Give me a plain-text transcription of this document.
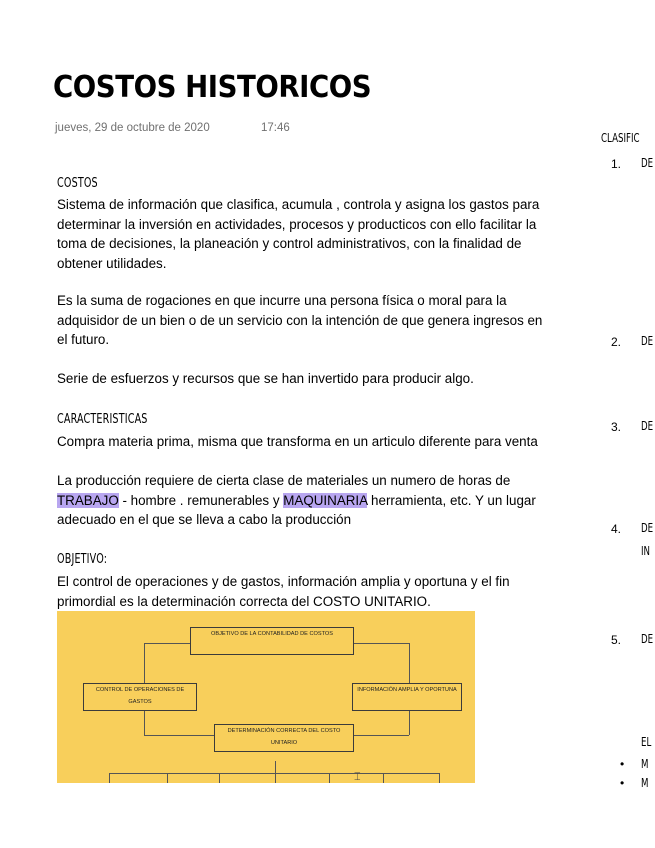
COSTOS HISTORICOS
jueves, 29 de octubre de 2020	17:46
COSTOS

Sistema de información que clasifica, acumula , controla y asigna los gastos para determinar la inversión en actividades, procesos y producticos con ello facilitar la toma de decisiones, la planeación y control administrativos, con la finalidad de obtener utilidades.

Es la suma de rogaciones en que incurre una persona física o moral para la adquisidor de un bien o de un servicio con la intención de que genera ingresos en el futuro.

Serie de esfuerzos y recursos que se han invertido para producir algo.

CARACTERISTICAS

Compra materia prima, misma que transforma en un articulo diferente para venta

La producción requiere de cierta clase de materiales un numero de horas de
TRABAJO - hombre . remunerables y MAQUINARIA herramienta, etc. Y un lugar adecuado en el que se lleva a cabo la producción

OBJETIVO:

El control de operaciones y de gastos, información amplia y oportuna y el fin primordial es la determinación correcta del COSTO UNITARIO.

OBJETIVO DE LA CONTABILIDAD DE COSTOS
CONTROL DE OPERACIONES DE GASTOS
INFORMACIÓN AMPLIA Y OPORTUNA
DETERMINACIÓN CORRECTA DEL COSTO UNITARIO
⌶
CLASIFIC
1. DE
2. DE
3. DE
4. DE
IN
5. DE
EL
• M
• M
